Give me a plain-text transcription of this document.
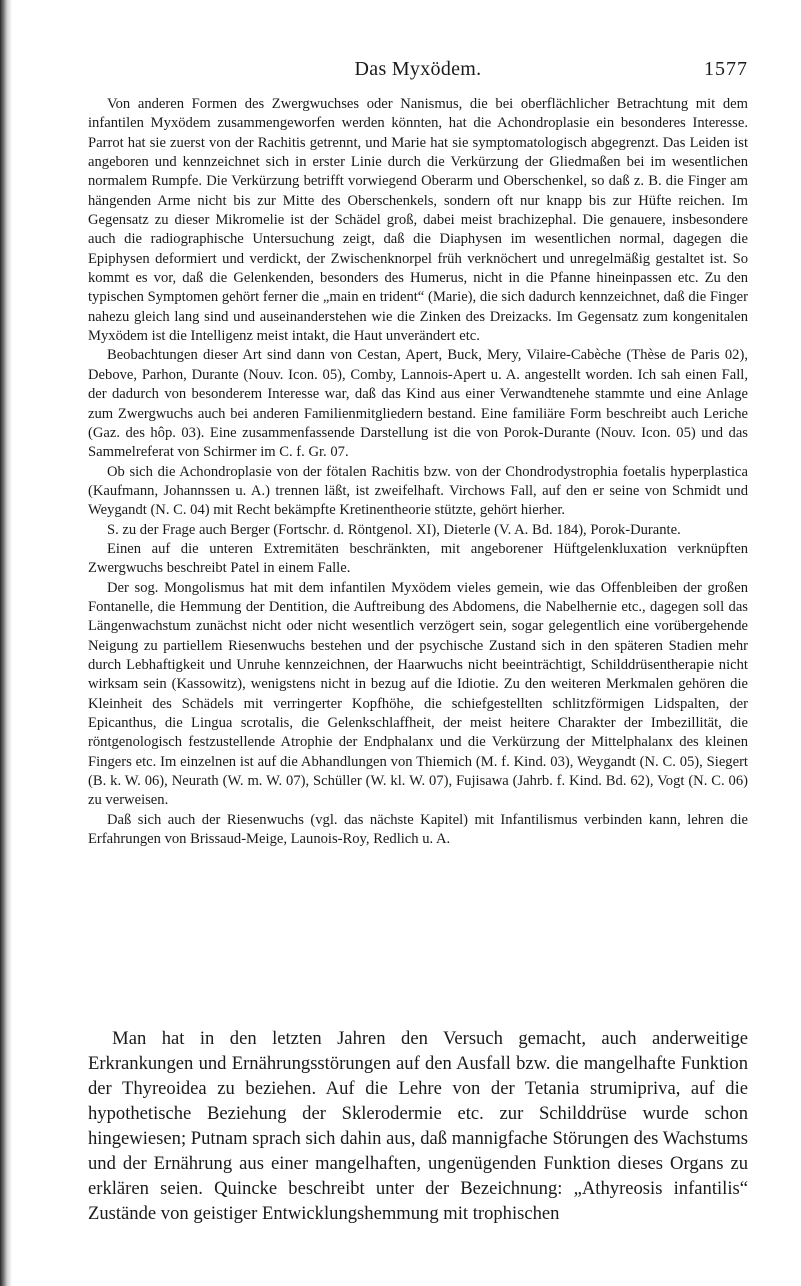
Das Myxödem.	1577

Von anderen Formen des Zwergwuchses oder Nanismus, die bei oberflächlicher Betrachtung mit dem infantilen Myxödem zusammengeworfen werden könnten, hat die Achondroplasie ein besonderes Interesse. Parrot hat sie zuerst von der Rachitis getrennt, und Marie hat sie symptomatologisch abgegrenzt. Das Leiden ist angeboren und kennzeichnet sich in erster Linie durch die Verkürzung der Gliedmaßen bei im wesentlichen normalem Rumpfe. Die Verkürzung betrifft vorwiegend Oberarm und Oberschenkel, so daß z. B. die Finger am hängenden Arme nicht bis zur Mitte des Oberschenkels, sondern oft nur knapp bis zur Hüfte reichen. Im Gegensatz zu dieser Mikromelie ist der Schädel groß, dabei meist brachizephal. Die genauere, insbesondere auch die radiographische Untersuchung zeigt, daß die Diaphysen im wesentlichen normal, dagegen die Epiphysen deformiert und verdickt, der Zwischenknorpel früh verknöchert und unregelmäßig gestaltet ist. So kommt es vor, daß die Gelenkenden, besonders des Humerus, nicht in die Pfanne hineinpassen etc. Zu den typischen Symptomen gehört ferner die „main en trident“ (Marie), die sich dadurch kennzeichnet, daß die Finger nahezu gleich lang sind und auseinanderstehen wie die Zinken des Dreizacks. Im Gegensatz zum kongenitalen Myxödem ist die Intelligenz meist intakt, die Haut unverändert etc.

Beobachtungen dieser Art sind dann von Cestan, Apert, Buck, Mery, Vilaire-Cabèche (Thèse de Paris 02), Debove, Parhon, Durante (Nouv. Icon. 05), Comby, Lannois-Apert u. A. angestellt worden. Ich sah einen Fall, der dadurch von besonderem Interesse war, daß das Kind aus einer Verwandtenehe stammte und eine Anlage zum Zwergwuchs auch bei anderen Familienmitgliedern bestand. Eine familiäre Form beschreibt auch Leriche (Gaz. des hôp. 03). Eine zusammenfassende Darstellung ist die von Porok-Durante (Nouv. Icon. 05) und das Sammelreferat von Schirmer im C. f. Gr. 07.

Ob sich die Achondroplasie von der fötalen Rachitis bzw. von der Chondrodystrophia foetalis hyperplastica (Kaufmann, Johannssen u. A.) trennen läßt, ist zweifelhaft. Virchows Fall, auf den er seine von Schmidt und Weygandt (N. C. 04) mit Recht bekämpfte Kretinentheorie stützte, gehört hierher.

S. zu der Frage auch Berger (Fortschr. d. Röntgenol. XI), Dieterle (V. A. Bd. 184), Porok-Durante.

Einen auf die unteren Extremitäten beschränkten, mit angeborener Hüftgelenkluxation verknüpften Zwergwuchs beschreibt Patel in einem Falle.

Der sog. Mongolismus hat mit dem infantilen Myxödem vieles gemein, wie das Offenbleiben der großen Fontanelle, die Hemmung der Dentition, die Auftreibung des Abdomens, die Nabelhernie etc., dagegen soll das Längenwachstum zunächst nicht oder nicht wesentlich verzögert sein, sogar gelegentlich eine vorübergehende Neigung zu partiellem Riesenwuchs bestehen und der psychische Zustand sich in den späteren Stadien mehr durch Lebhaftigkeit und Unruhe kennzeichnen, der Haarwuchs nicht beeinträchtigt, Schilddrüsentherapie nicht wirksam sein (Kassowitz), wenigstens nicht in bezug auf die Idiotie. Zu den weiteren Merkmalen gehören die Kleinheit des Schädels mit verringerter Kopfhöhe, die schiefgestellten schlitzförmigen Lidspalten, der Epicanthus, die Lingua scrotalis, die Gelenkschlaffheit, der meist heitere Charakter der Imbezillität, die röntgenologisch festzustellende Atrophie der Endphalanx und die Verkürzung der Mittelphalanx des kleinen Fingers etc. Im einzelnen ist auf die Abhandlungen von Thiemich (M. f. Kind. 03), Weygandt (N. C. 05), Siegert (B. k. W. 06), Neurath (W. m. W. 07), Schüller (W. kl. W. 07), Fujisawa (Jahrb. f. Kind. Bd. 62), Vogt (N. C. 06) zu verweisen.

Daß sich auch der Riesenwuchs (vgl. das nächste Kapitel) mit Infantilismus verbinden kann, lehren die Erfahrungen von Brissaud-Meige, Launois-Roy, Redlich u. A.

Man hat in den letzten Jahren den Versuch gemacht, auch anderweitige Erkrankungen und Ernährungsstörungen auf den Ausfall bzw. die mangelhafte Funktion der Thyreoidea zu beziehen. Auf die Lehre von der Tetania strumipriva, auf die hypothetische Beziehung der Sklerodermie etc. zur Schilddrüse wurde schon hingewiesen; Putnam sprach sich dahin aus, daß mannigfache Störungen des Wachstums und der Ernährung aus einer mangelhaften, ungenügenden Funktion dieses Organs zu erklären seien. Quincke beschreibt unter der Bezeichnung: „Athyreosis infantilis“ Zustände von geistiger Entwicklungshemmung mit trophischen
